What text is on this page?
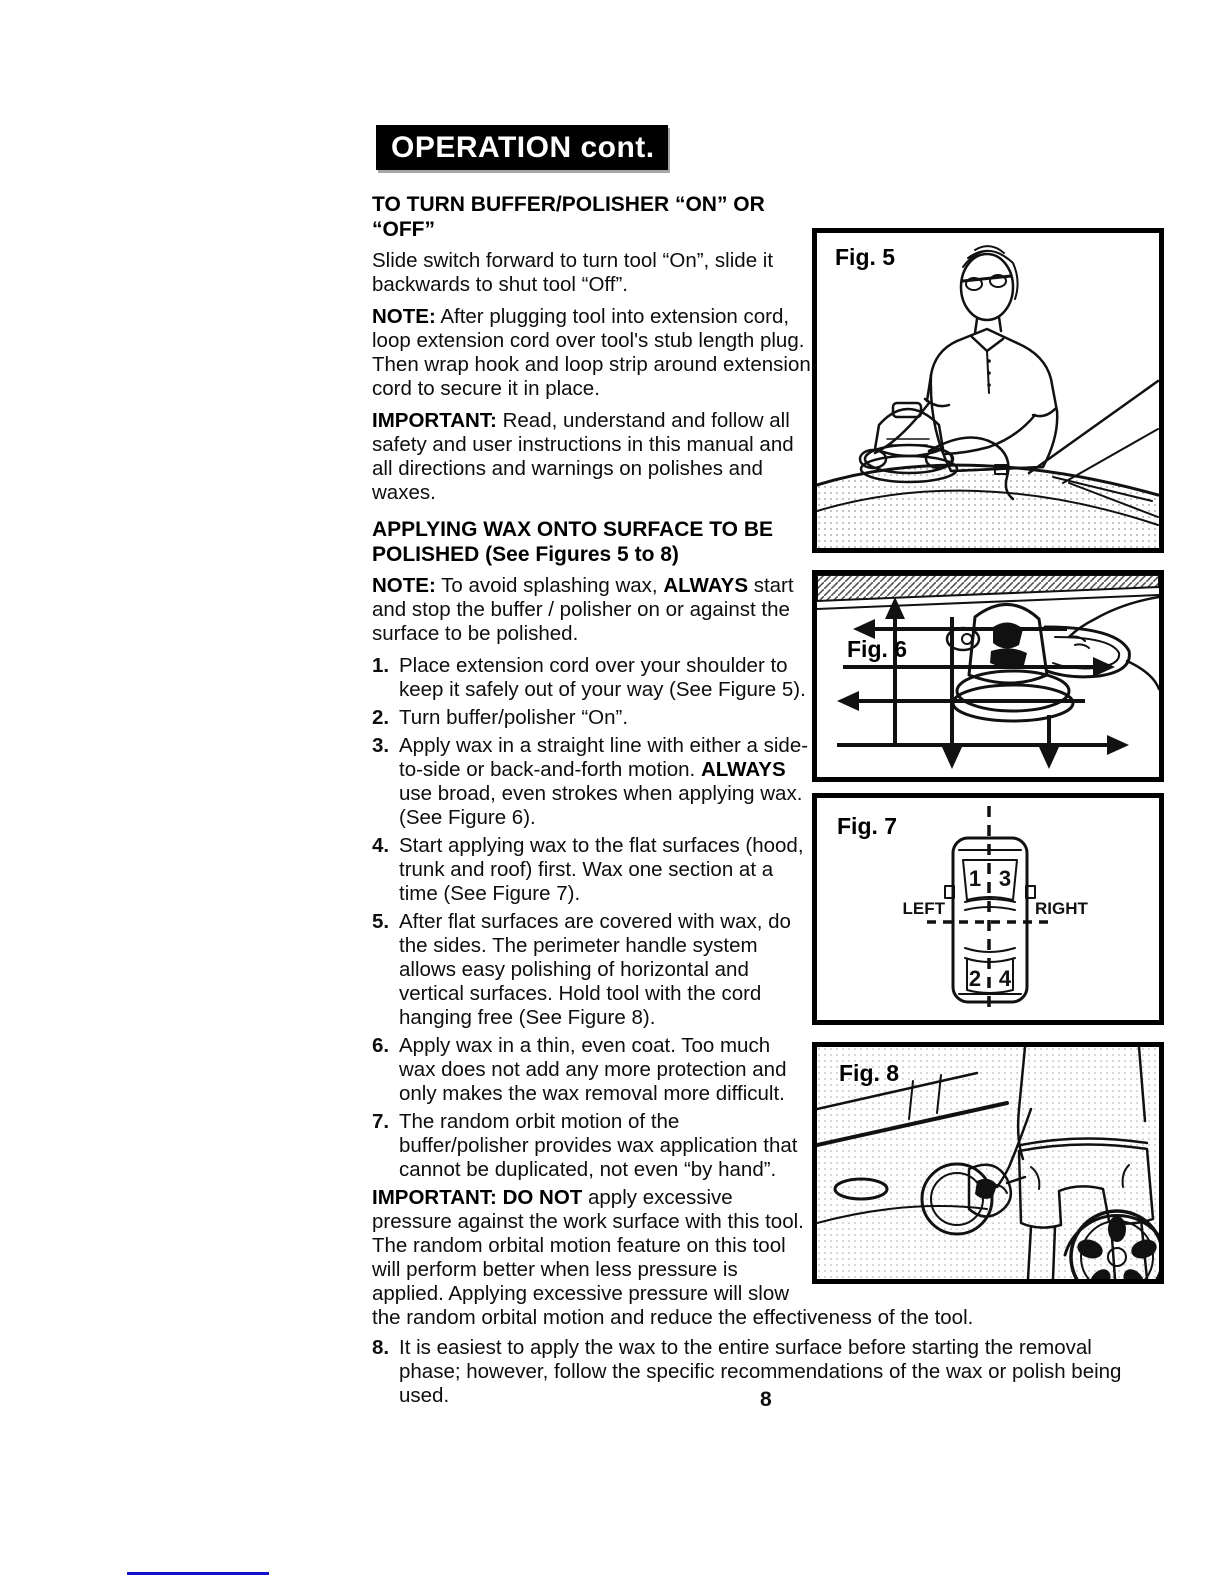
OPERATION cont.
Fig. 5
Fig. 6
Fig. 7
LEFT	RIGHT
1 3
2 4
Fig. 8
TO TURN BUFFER/POLISHER “ON” OR “OFF”

Slide switch forward to turn tool “On”, slide it backwards to shut tool “Off”.

NOTE: After plugging tool into extension cord, loop extension cord over tool's stub length plug. Then wrap hook and loop strip around extension cord to secure it in place.

IMPORTANT: Read, understand and follow all safety and user instructions in this manual and all directions and warnings on polishes and waxes.

APPLYING WAX ONTO SURFACE TO BE POLISHED (See Figures 5 to 8)

NOTE: To avoid splashing wax, ALWAYS start and stop the buffer / polisher on or against the surface to be polished.

1. Place extension cord over your shoulder to keep it safely out of your way (See Figure 5).
2. Turn buffer/polisher “On”.
3. Apply wax in a straight line with either a side-to-side or back-and-forth motion. ALWAYS use broad, even strokes when applying wax. (See Figure 6).
4. Start applying wax to the flat surfaces (hood, trunk and roof) first. Wax one section at a time (See Figure 7).
5. After flat surfaces are covered with wax, do the sides. The perimeter handle system allows easy polishing of horizontal and vertical surfaces. Hold tool with the cord hanging free (See Figure 8).
6. Apply wax in a thin, even coat. Too much wax does not add any more protection and only makes the wax removal more difficult.
7. The random orbit motion of the buffer/polisher provides wax application that cannot be duplicated, not even “by hand”.

IMPORTANT: DO NOT apply excessive pressure against the work surface with this tool. The random orbital motion feature on this tool will perform better when less pressure is applied. Applying excessive pressure will slow the random orbital motion and reduce the effectiveness of the tool.

8. It is easiest to apply the wax to the entire surface before starting the removal phase; however, follow the specific recommendations of the wax or polish being used.	8
